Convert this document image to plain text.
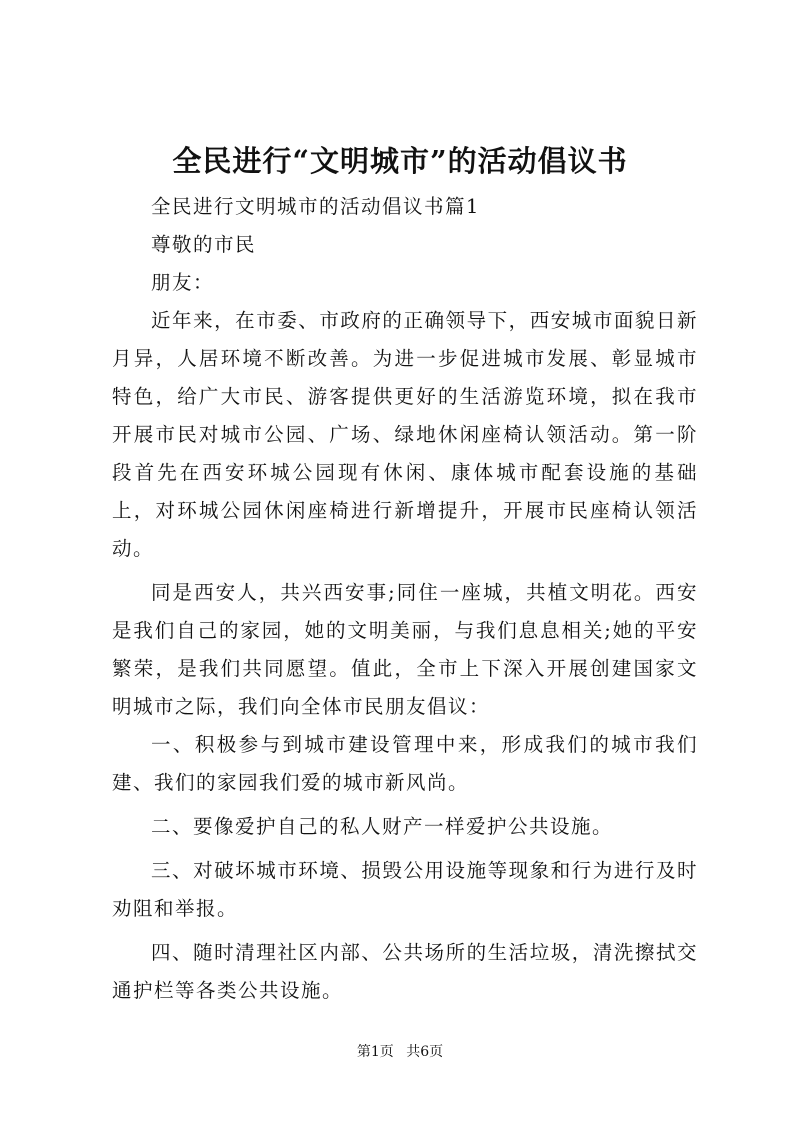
全民进行“文明城市”的活动倡议书

全民进行文明城市的活动倡议书篇1

尊敬的市民

朋友：

近年来，在市委、市政府的正确领导下，西安城市面貌日新月异，人居环境不断改善。为进一步促进城市发展、彰显城市特色，给广大市民、游客提供更好的生活游览环境，拟在我市开展市民对城市公园、广场、绿地休闲座椅认领活动。第一阶段首先在西安环城公园现有休闲、康体城市配套设施的基础上，对环城公园休闲座椅进行新增提升，开展市民座椅认领活动。

同是西安人，共兴西安事;同住一座城，共植文明花。西安是我们自己的家园，她的文明美丽，与我们息息相关;她的平安繁荣，是我们共同愿望。值此，全市上下深入开展创建国家文明城市之际，我们向全体市民朋友倡议：

一、积极参与到城市建设管理中来，形成我们的城市我们建、我们的家园我们爱的城市新风尚。

二、要像爱护自己的私人财产一样爱护公共设施。

三、对破坏城市环境、损毁公用设施等现象和行为进行及时劝阻和举报。

四、随时清理社区内部、公共场所的生活垃圾，清洗擦拭交通护栏等各类公共设施。

第1页 共6页
